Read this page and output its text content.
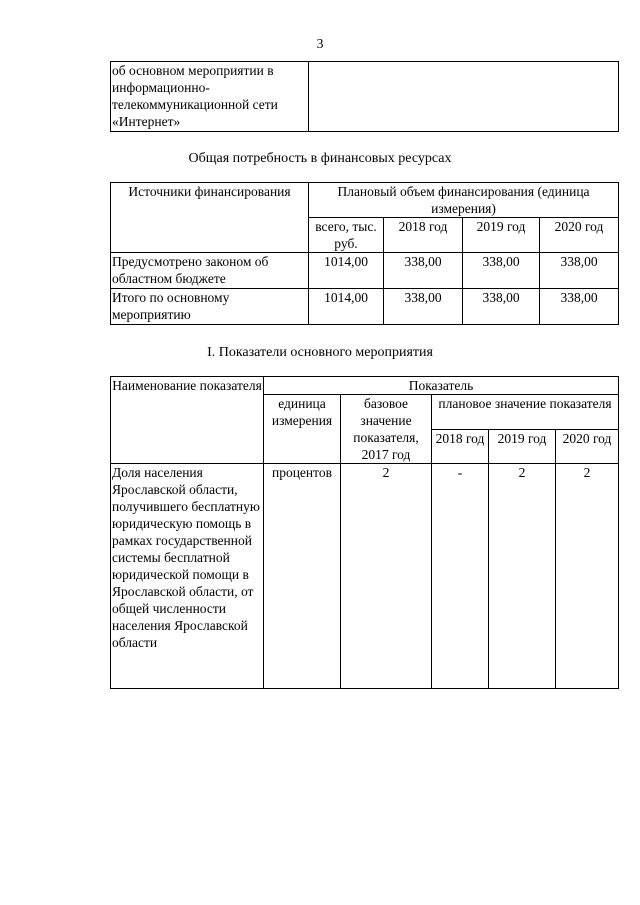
3
об основном мероприятии в информационно-телекоммуникационной сети «Интернет»	
Общая потребность в финансовых ресурсах
Источники финансирования	Плановый объем финансирования (единица измерения)			
	всего, тыс. руб.	2018 год	2019 год	2020 год
Предусмотрено законом об областном бюджете	1014,00	338,00	338,00	338,00
Итого по основному мероприятию	1014,00	338,00	338,00	338,00
I. Показатели основного мероприятия
Наименование показателя	Показатель				
	единица измерения	базовое значение показателя, 2017 год	плановое значение показателя		
			2018 год	2019 год	2020 год
Доля населения Ярославской области, получившего бесплатную юридическую помощь в рамках государственной системы бесплатной юридической помощи в Ярославской области, от общей численности населения Ярославской области	процентов	2	-	2	2
